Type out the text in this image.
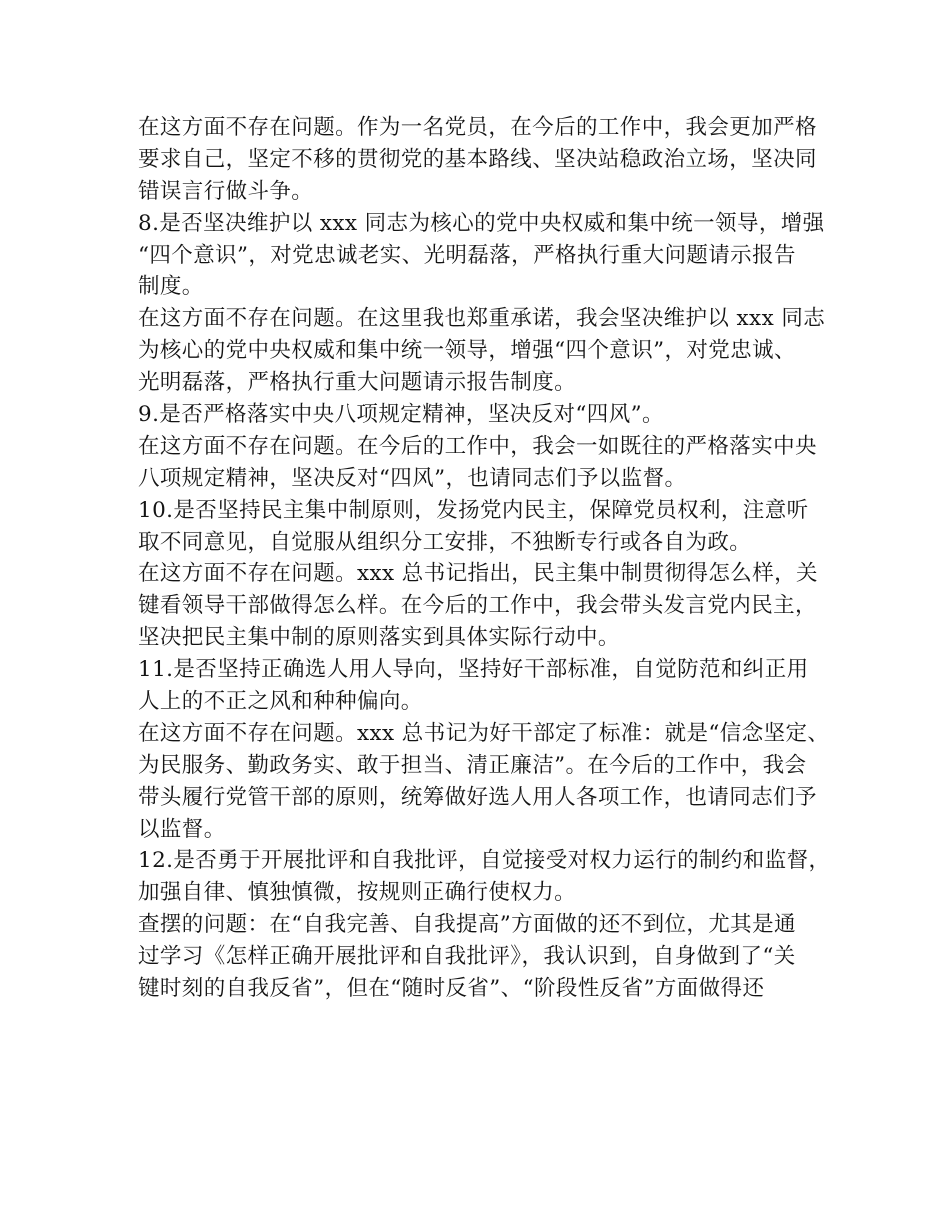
在这方面不存在问题。作为一名党员，在今后的工作中，我会更加严格
要求自己，坚定不移的贯彻党的基本路线、坚决站稳政治立场，坚决同
错误言行做斗争。
8.是否坚决维护以 xxx 同志为核心的党中央权威和集中统一领导，增强
“四个意识”，对党忠诚老实、光明磊落，严格执行重大问题请示报告
制度。
在这方面不存在问题。在这里我也郑重承诺，我会坚决维护以 xxx 同志
为核心的党中央权威和集中统一领导，增强“四个意识”，对党忠诚、
光明磊落，严格执行重大问题请示报告制度。
9.是否严格落实中央八项规定精神，坚决反对“四风”。
在这方面不存在问题。在今后的工作中，我会一如既往的严格落实中央
八项规定精神，坚决反对“四风”，也请同志们予以监督。
10.是否坚持民主集中制原则，发扬党内民主，保障党员权利，注意听
取不同意见，自觉服从组织分工安排，不独断专行或各自为政。
在这方面不存在问题。xxx 总书记指出，民主集中制贯彻得怎么样，关
键看领导干部做得怎么样。在今后的工作中，我会带头发言党内民主，
坚决把民主集中制的原则落实到具体实际行动中。
11.是否坚持正确选人用人导向，坚持好干部标准，自觉防范和纠正用
人上的不正之风和种种偏向。
在这方面不存在问题。xxx 总书记为好干部定了标准：就是“信念坚定、
为民服务、勤政务实、敢于担当、清正廉洁”。在今后的工作中，我会
带头履行党管干部的原则，统筹做好选人用人各项工作，也请同志们予
以监督。
12.是否勇于开展批评和自我批评，自觉接受对权力运行的制约和监督，
加强自律、慎独慎微，按规则正确行使权力。
查摆的问题：在“自我完善、自我提高”方面做的还不到位，尤其是通
过学习《怎样正确开展批评和自我批评》，我认识到，自身做到了“关
键时刻的自我反省”，但在“随时反省”、“阶段性反省”方面做得还
